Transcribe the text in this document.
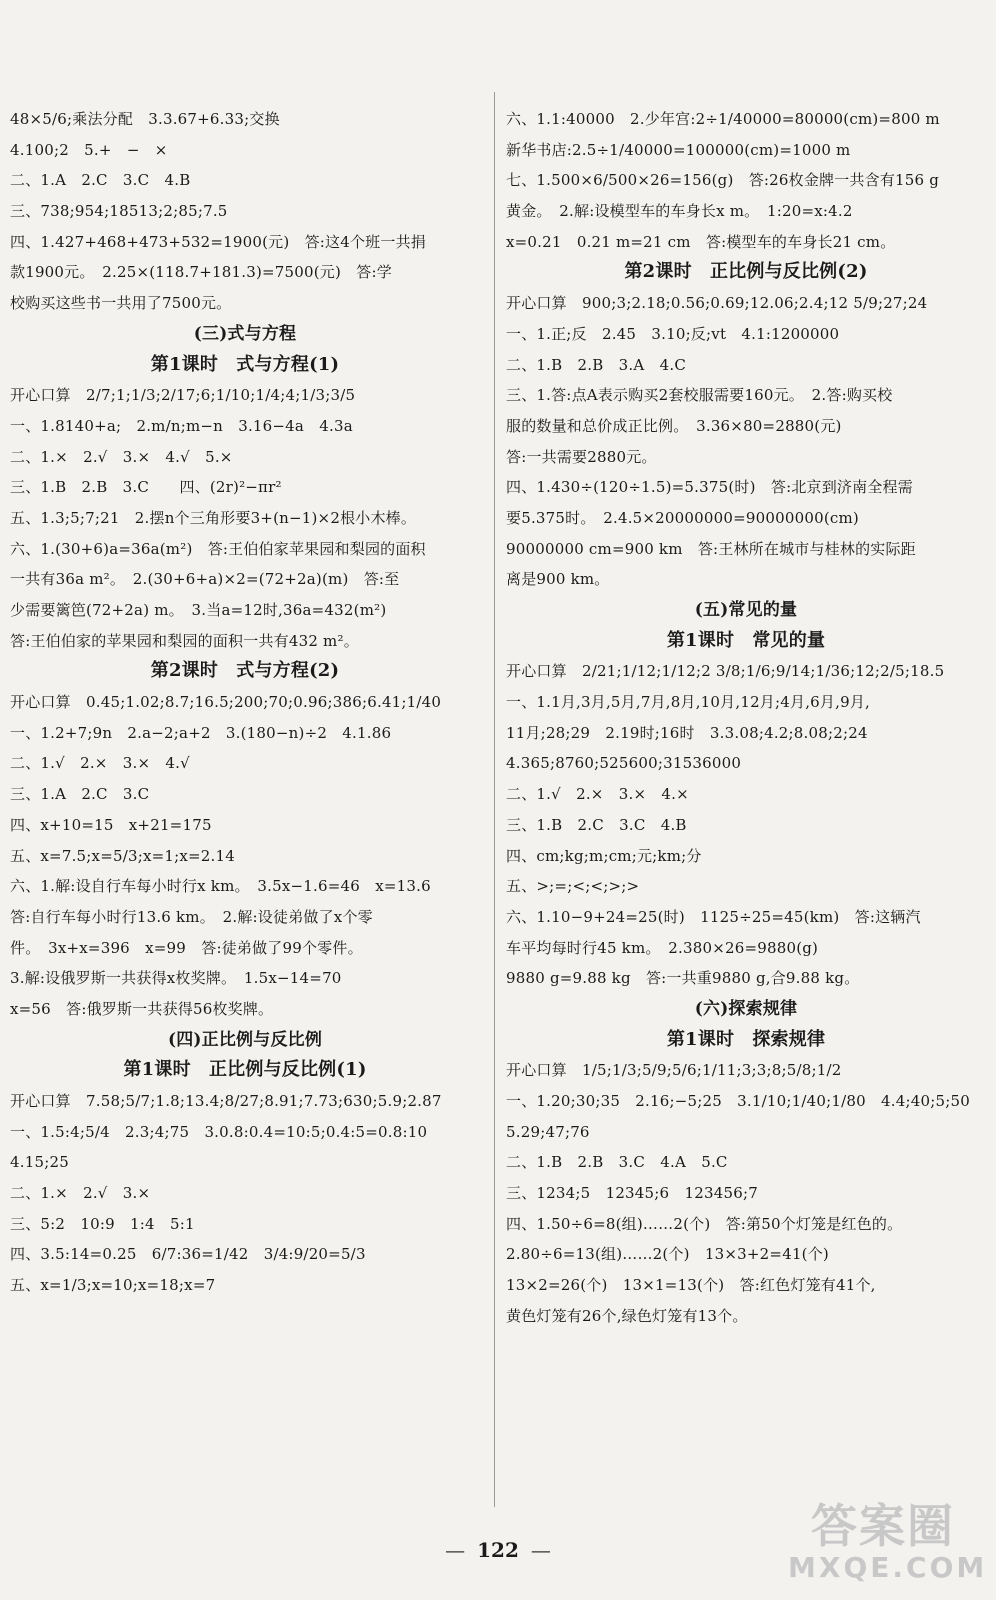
48×5/6;乘法分配　3.3.67+6.33;交换
4.100;2　5.+　−　×
二、1.A　2.C　3.C　4.B
三、738;954;18513;2;85;7.5
四、1.427+468+473+532=1900(元)　答:这4个班一共捐
款1900元。　2.25×(118.7+181.3)=7500(元)　答:学
校购买这些书一共用了7500元。
(三)式与方程
第1课时　式与方程(1)
开心口算　2/7;1;1/3;2/17;6;1/10;1/4;4;1/3;3/5
一、1.8140+a;　2.m/n;m−n　3.16−4a　4.3a
二、1.×　2.√　3.×　4.√　5.×
三、1.B　2.B　3.C　　四、(2r)²−πr²
五、1.3;5;7;21　2.摆n个三角形要3+(n−1)×2根小木棒。
六、1.(30+6)a=36a(m²)　答:王伯伯家苹果园和梨园的面积
一共有36a m²。　2.(30+6+a)×2=(72+2a)(m)　答:至
少需要篱笆(72+2a) m。　3.当a=12时,36a=432(m²)
答:王伯伯家的苹果园和梨园的面积一共有432 m²。
第2课时　式与方程(2)
开心口算　0.45;1.02;8.7;16.5;200;70;0.96;386;6.41;1/40
一、1.2+7;9n　2.a−2;a+2　3.(180−n)÷2　4.1.86
二、1.√　2.×　3.×　4.√
三、1.A　2.C　3.C
四、x+10=15　x+21=175
五、x=7.5;x=5/3;x=1;x=2.14
六、1.解:设自行车每小时行x km。　3.5x−1.6=46　x=13.6
答:自行车每小时行13.6 km。　2.解:设徒弟做了x个零
件。　3x+x=396　x=99　答:徒弟做了99个零件。
3.解:设俄罗斯一共获得x枚奖牌。　1.5x−14=70
x=56　答:俄罗斯一共获得56枚奖牌。
(四)正比例与反比例
第1课时　正比例与反比例(1)
开心口算　7.58;5/7;1.8;13.4;8/27;8.91;7.73;630;5.9;2.87
一、1.5:4;5/4　2.3;4;75　3.0.8:0.4=10:5;0.4:5=0.8:10
4.15;25
二、1.×　2.√　3.×
三、5:2　10:9　1:4　5:1
四、3.5:14=0.25　6/7:36=1/42　3/4:9/20=5/3
五、x=1/3;x=10;x=18;x=7
六、1.1:40000　2.少年宫:2÷1/40000=80000(cm)=800 m
新华书店:2.5÷1/40000=100000(cm)=1000 m
七、1.500×6/500×26=156(g)　答:26枚金牌一共含有156 g
黄金。　2.解:设模型车的车身长x m。　1:20=x:4.2
x=0.21　0.21 m=21 cm　答:模型车的车身长21 cm。
第2课时　正比例与反比例(2)
开心口算　900;3;2.18;0.56;0.69;12.06;2.4;12 5/9;27;24
一、1.正;反　2.45　3.10;反;vt　4.1:1200000
二、1.B　2.B　3.A　4.C
三、1.答:点A表示购买2套校服需要160元。　2.答:购买校
服的数量和总价成正比例。　3.36×80=2880(元)
答:一共需要2880元。
四、1.430÷(120÷1.5)=5.375(时)　答:北京到济南全程需
要5.375时。　2.4.5×20000000=90000000(cm)
90000000 cm=900 km　答:王林所在城市与桂林的实际距
离是900 km。
(五)常见的量
第1课时　常见的量
开心口算　2/21;1/12;1/12;2 3/8;1/6;9/14;1/36;12;2/5;18.5
一、1.1月,3月,5月,7月,8月,10月,12月;4月,6月,9月,
11月;28;29　2.19时;16时　3.3.08;4.2;8.08;2;24
4.365;8760;525600;31536000
二、1.√　2.×　3.×　4.×
三、1.B　2.C　3.C　4.B
四、cm;kg;m;cm;元;km;分
五、>;=;<;<;>;>
六、1.10−9+24=25(时)　1125÷25=45(km)　答:这辆汽
车平均每时行45 km。　2.380×26=9880(g)
9880 g=9.88 kg　答:一共重9880 g,合9.88 kg。
(六)探索规律
第1课时　探索规律
开心口算　1/5;1/3;5/9;5/6;1/11;3;3;8;5/8;1/2
一、1.20;30;35　2.16;−5;25　3.1/10;1/40;1/80　4.4;40;5;50
5.29;47;76
二、1.B　2.B　3.C　4.A　5.C
三、1234;5　12345;6　123456;7
四、1.50÷6=8(组)……2(个)　答:第50个灯笼是红色的。
2.80÷6=13(组)……2(个)　13×3+2=41(个)
13×2=26(个)　13×1=13(个)　答:红色灯笼有41个,
黄色灯笼有26个,绿色灯笼有13个。
— 122 —	答案圈
MXQE.COM
